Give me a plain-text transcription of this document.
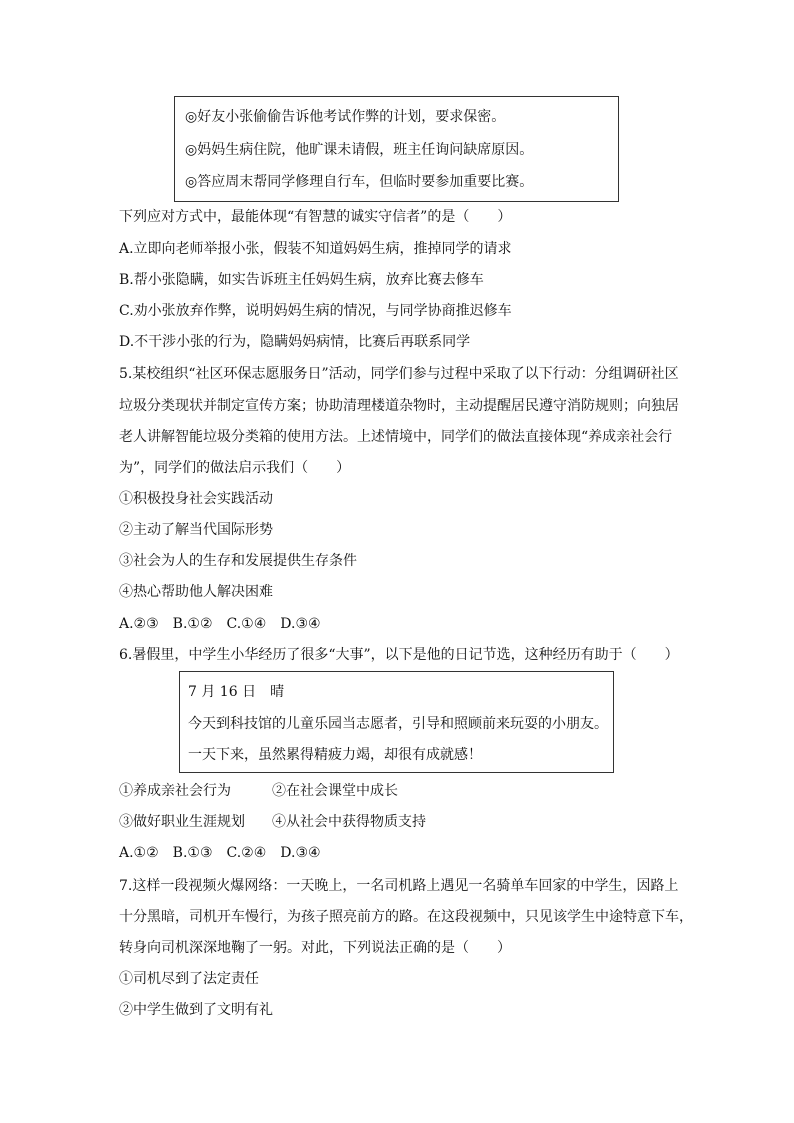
◎好友小张偷偷告诉他考试作弊的计划，要求保密。
◎妈妈生病住院，他旷课未请假，班主任询问缺席原因。
◎答应周末帮同学修理自行车，但临时要参加重要比赛。
下列应对方式中，最能体现“有智慧的诚实守信者”的是（　　）
A.立即向老师举报小张，假装不知道妈妈生病，推掉同学的请求
B.帮小张隐瞒，如实告诉班主任妈妈生病，放弃比赛去修车
C.劝小张放弃作弊，说明妈妈生病的情况，与同学协商推迟修车
D.不干涉小张的行为，隐瞒妈妈病情，比赛后再联系同学
5.某校组织“社区环保志愿服务日”活动，同学们参与过程中采取了以下行动：分组调研社区
垃圾分类现状并制定宣传方案；协助清理楼道杂物时，主动提醒居民遵守消防规则；向独居
老人讲解智能垃圾分类箱的使用方法。上述情境中，同学们的做法直接体现“养成亲社会行
为”，同学们的做法启示我们（　　）
①积极投身社会实践活动
②主动了解当代国际形势
③社会为人的生存和发展提供生存条件
④热心帮助他人解决困难
A.②③　B.①②　C.①④　D.③④
6.暑假里，中学生小华经历了很多“大事”，以下是他的日记节选，这种经历有助于（　　）
7 月 16 日　晴
今天到科技馆的儿童乐园当志愿者，引导和照顾前来玩耍的小朋友。
一天下来，虽然累得精疲力竭，却很有成就感！
①养成亲社会行为	②在社会课堂中成长
③做好职业生涯规划 ④从社会中获得物质支持
A.①②　B.①③　C.②④　D.③④
7.这样一段视频火爆网络：一天晚上，一名司机路上遇见一名骑单车回家的中学生，因路上
十分黑暗，司机开车慢行，为孩子照亮前方的路。在这段视频中，只见该学生中途特意下车，
转身向司机深深地鞠了一躬。对此，下列说法正确的是（　　）
①司机尽到了法定责任
②中学生做到了文明有礼
